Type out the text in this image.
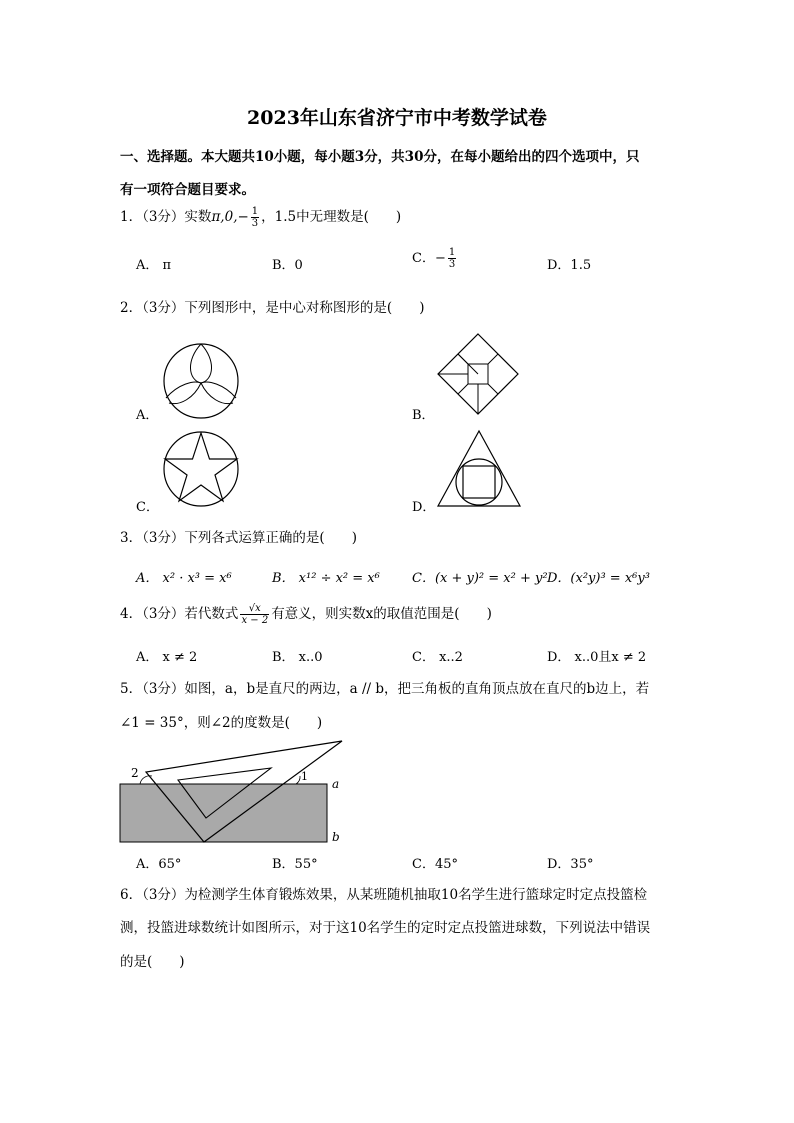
2023年山东省济宁市中考数学试卷
一、选择题。本大题共10小题，每小题3分，共30分，在每小题给出的四个选项中，只
有一项符合题目要求。
1．（3分）实数$\pi,0,- \frac{1}{3}$ ，1.5中无理数是(　　)
A． π	B．0	C．− $\frac{1}{3}$	D．1.5
2．（3分）下列图形中，是中心对称图形的是(　　)
A．	B．
C．	D．
3．（3分）下列各式运算正确的是(　　)
A． x² · x³ = x⁶	B． x¹² ÷ x² = x⁶ C．(x + y)² = x² + y² D．(x²y)³ = x⁶y³
4．（3分）若代数式 $\frac{√x}{x - 2}$ 有意义，则实数x的取值范围是(　　)
A． x ≠ 2	B． x..0	C． x..2	D． x..0且x ≠ 2
5．（3分）如图，a，b是直尺的两边，a // b，把三角板的直角顶点放在直尺的b边上，若
∠1 = 35°，则∠2的度数是(　　)
2	1
a
b
A．65°	B．55°	C．45°	D．35°
6．（3分）为检测学生体育锻炼效果，从某班随机抽取10名学生进行篮球定时定点投篮检
测，投篮进球数统计如图所示，对于这10名学生的定时定点投篮进球数，下列说法中错误
的是(　　)
